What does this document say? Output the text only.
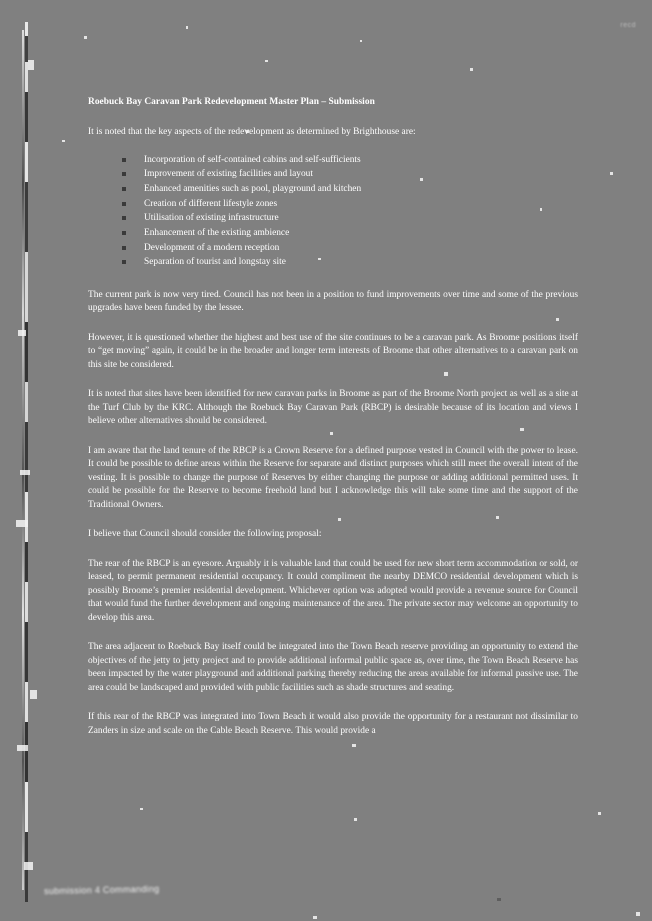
recd

Roebuck Bay Caravan Park Redevelopment Master Plan – Submission

It is noted that the key aspects of the redevelopment as determined by Brighthouse are:

Incorporation of self-contained cabins and self-sufficients
Improvement of existing facilities and layout
Enhanced amenities such as pool, playground and kitchen
Creation of different lifestyle zones
Utilisation of existing infrastructure
Enhancement of the existing ambience
Development of a modern reception
Separation of tourist and longstay site

The current park is now very tired. Council has not been in a position to fund improvements over time and some of the previous upgrades have been funded by the lessee.

However, it is questioned whether the highest and best use of the site continues to be a caravan park. As Broome positions itself to “get moving” again, it could be in the broader and longer term interests of Broome that other alternatives to a caravan park on this site be considered.

It is noted that sites have been identified for new caravan parks in Broome as part of the Broome North project as well as a site at the Turf Club by the KRC. Although the Roebuck Bay Caravan Park (RBCP) is desirable because of its location and views I believe other alternatives should be considered.

I am aware that the land tenure of the RBCP is a Crown Reserve for a defined purpose vested in Council with the power to lease. It could be possible to define areas within the Reserve for separate and distinct purposes which still meet the overall intent of the vesting. It is possible to change the purpose of Reserves by either changing the purpose or adding additional permitted uses. It could be possible for the Reserve to become freehold land but I acknowledge this will take some time and the support of the Traditional Owners.

I believe that Council should consider the following proposal:

The rear of the RBCP is an eyesore. Arguably it is valuable land that could be used for new short term accommodation or sold, or leased, to permit permanent residential occupancy. It could compliment the nearby DEMCO residential development which is possibly Broome’s premier residential development. Whichever option was adopted would provide a revenue source for Council that would fund the further development and ongoing maintenance of the area. The private sector may welcome an opportunity to develop this area.

The area adjacent to Roebuck Bay itself could be integrated into the Town Beach reserve providing an opportunity to extend the objectives of the jetty to jetty project and to provide additional informal public space as, over time, the Town Beach Reserve has been impacted by the water playground and additional parking thereby reducing the areas available for informal passive use. The area could be landscaped and provided with public facilities such as shade structures and seating.

If this rear of the RBCP was integrated into Town Beach it would also provide the opportunity for a restaurant not dissimilar to Zanders in size and scale on the Cable Beach Reserve. This would provide a

submission 4 Commanding
